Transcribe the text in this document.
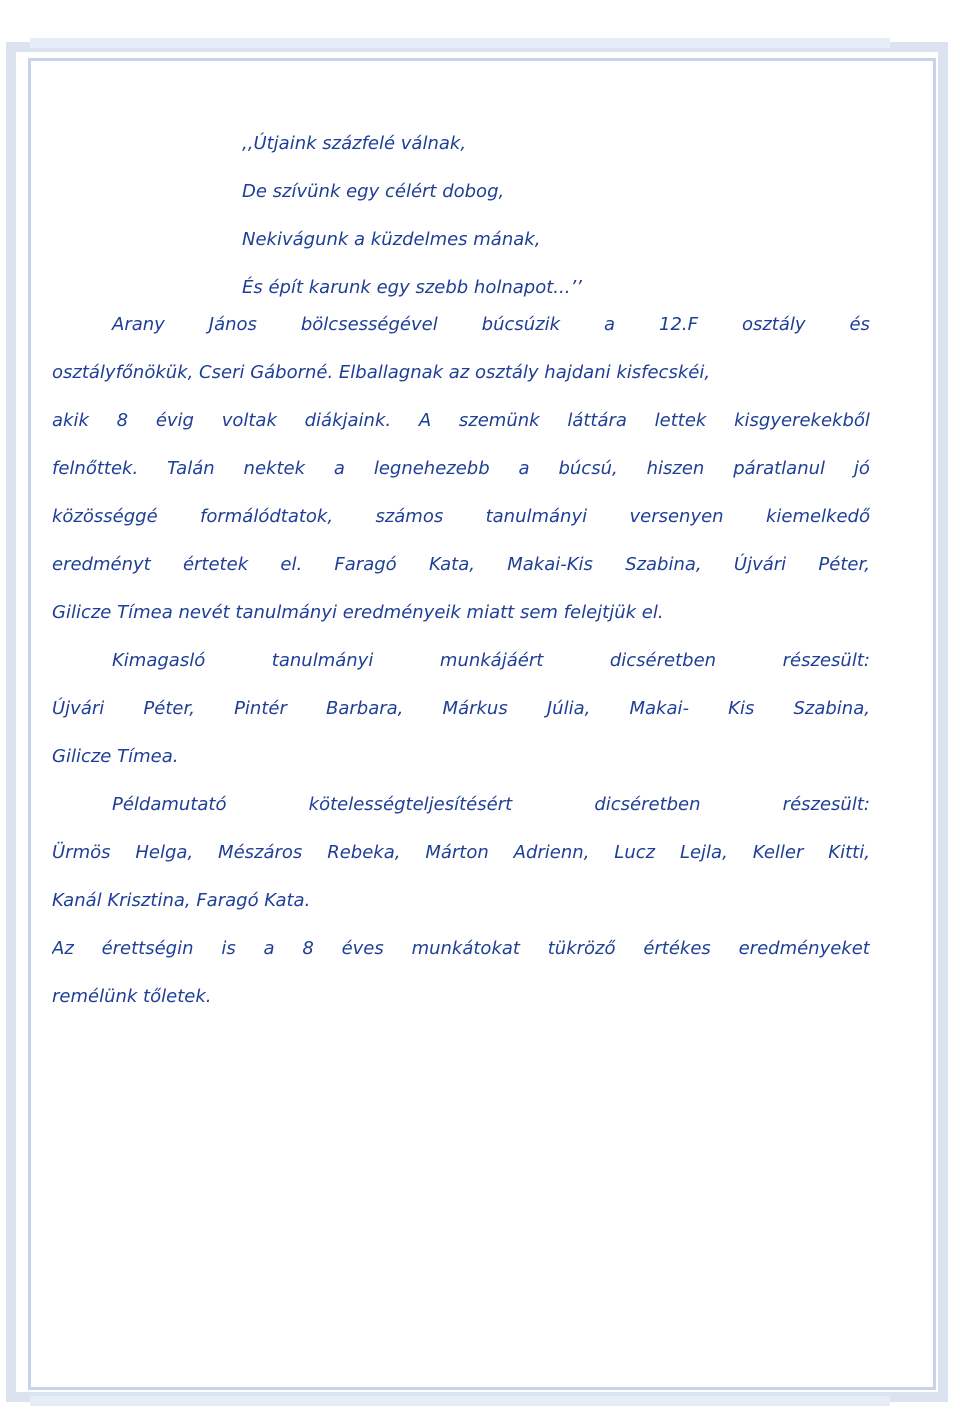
,,Útjaink százfelé válnak,
De szívünk egy célért dobog,
Nekivágunk a küzdelmes mának,
És épít karunk egy szebb holnapot...’’
Arany János bölcsességével búcsúzik a 12.F osztály és
osztályfőnökük, Cseri Gáborné. Elballagnak az osztály hajdani kisfecskéi,
akik 8 évig voltak diákjaink. A szemünk láttára lettek kisgyerekekből
felnőttek. Talán nektek a legnehezebb a búcsú, hiszen páratlanul jó
közösséggé formálódtatok, számos tanulmányi versenyen kiemelkedő
eredményt értetek el. Faragó Kata, Makai-Kis Szabina, Újvári Péter,
Gilicze Tímea nevét tanulmányi eredményeik miatt sem felejtjük el.
Kimagasló	tanulmányi	munkájáért	dicséretben	részesült:
Újvári Péter, Pintér Barbara, Márkus Júlia, Makai- Kis Szabina,
Gilicze Tímea.
Példamutató	kötelességteljesítésért	dicséretben	részesült:
Ürmös Helga, Mészáros Rebeka, Márton Adrienn, Lucz Lejla, Keller Kitti,
Kanál Krisztina, Faragó Kata.
Az érettségin is a 8 éves munkátokat tükröző értékes eredményeket
remélünk tőletek.
